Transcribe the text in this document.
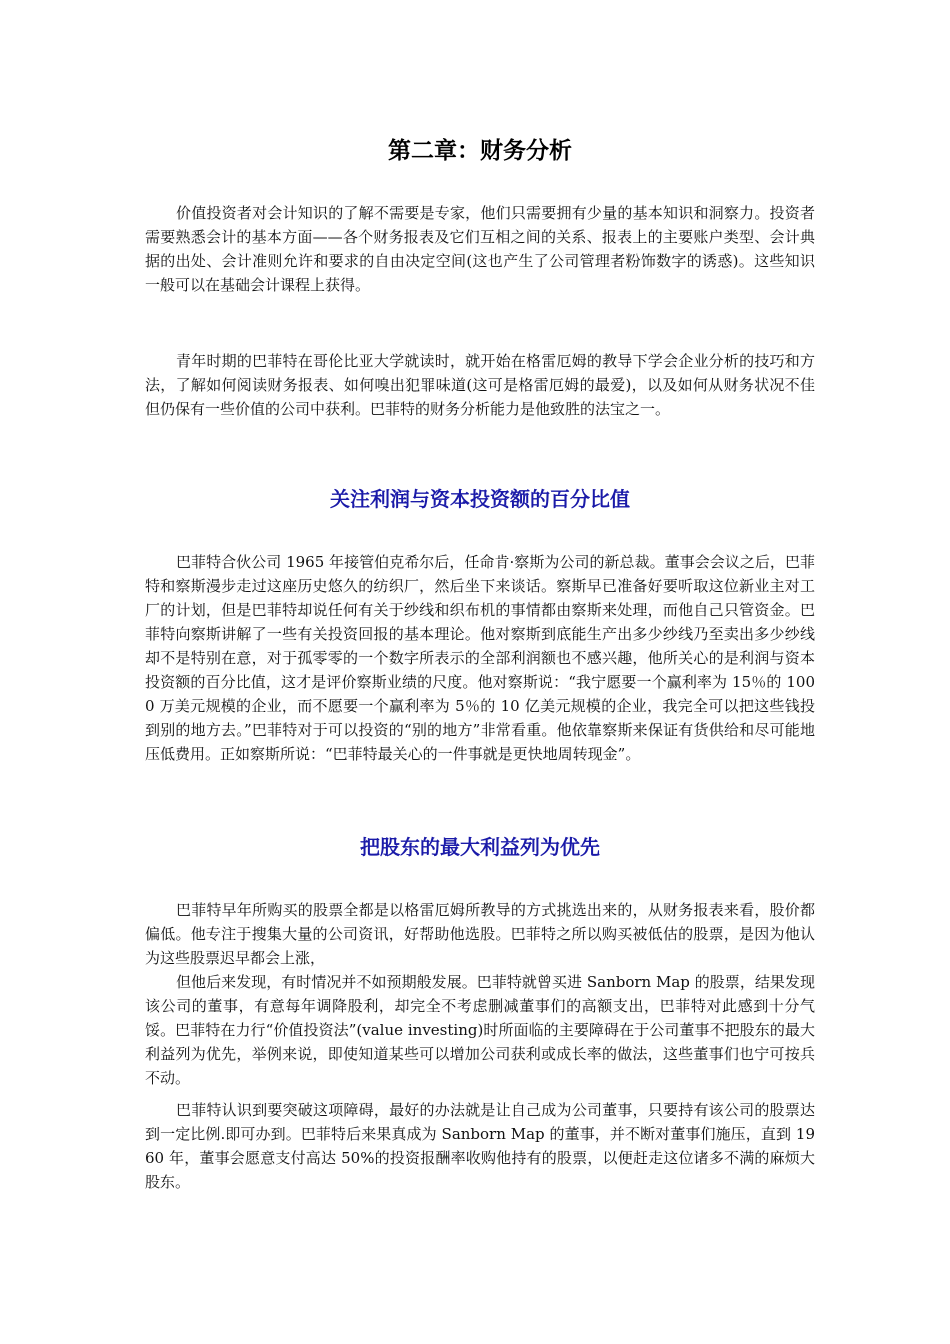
第二章：财务分析

价值投资者对会计知识的了解不需要是专家，他们只需要拥有少量的基本知识和洞察力。投资者需要熟悉会计的基本方面——各个财务报表及它们互相之间的关系、报表上的主要账户类型、会计典据的出处、会计准则允许和要求的自由决定空间(这也产生了公司管理者粉饰数字的诱惑)。这些知识一般可以在基础会计课程上获得。

青年时期的巴菲特在哥伦比亚大学就读时，就开始在格雷厄姆的教导下学会企业分析的技巧和方法，了解如何阅读财务报表、如何嗅出犯罪味道(这可是格雷厄姆的最爱)，以及如何从财务状况不佳但仍保有一些价值的公司中获利。巴菲特的财务分析能力是他致胜的法宝之一。

关注利润与资本投资额的百分比值

巴菲特合伙公司 1965 年接管伯克希尔后，任命肯·察斯为公司的新总裁。董事会会议之后，巴菲特和察斯漫步走过这座历史悠久的纺织厂，然后坐下来谈话。察斯早已准备好要听取这位新业主对工厂的计划，但是巴菲特却说任何有关于纱线和织布机的事情都由察斯来处理，而他自己只管资金。巴菲特向察斯讲解了一些有关投资回报的基本理论。他对察斯到底能生产出多少纱线乃至卖出多少纱线却不是特别在意，对于孤零零的一个数字所表示的全部利润额也不感兴趣，他所关心的是利润与资本投资额的百分比值，这才是评价察斯业绩的尺度。他对察斯说：“我宁愿要一个赢利率为 15％的 1000 万美元规模的企业，而不愿要一个赢利率为 5％的 10 亿美元规模的企业，我完全可以把这些钱投到别的地方去。”巴菲特对于可以投资的“别的地方”非常看重。他依靠察斯来保证有货供给和尽可能地压低费用。正如察斯所说：“巴菲特最关心的一件事就是更快地周转现金”。

把股东的最大利益列为优先

巴菲特早年所购买的股票全都是以格雷厄姆所教导的方式挑选出来的，从财务报表来看，股价都偏低。他专注于搜集大量的公司资讯，好帮助他选股。巴菲特之所以购买被低估的股票，是因为他认为这些股票迟早都会上涨，

但他后来发现，有时情况并不如预期般发展。巴菲特就曾买进 Sanborn Map 的股票，结果发现该公司的董事，有意每年调降股利，却完全不考虑删减董事们的高额支出，巴菲特对此感到十分气馁。巴菲特在力行“价值投资法”(value investing)时所面临的主要障碍在于公司董事不把股东的最大利益列为优先，举例来说，即使知道某些可以增加公司获利或成长率的做法，这些董事们也宁可按兵不动。

巴菲特认识到要突破这项障碍，最好的办法就是让自己成为公司董事，只要持有该公司的股票达到一定比例.即可办到。巴菲特后来果真成为 Sanborn Map 的董事，并不断对董事们施压，直到 1960 年，董事会愿意支付高达 50%的投资报酬率收购他持有的股票，以便赶走这位诸多不满的麻烦大股东。
